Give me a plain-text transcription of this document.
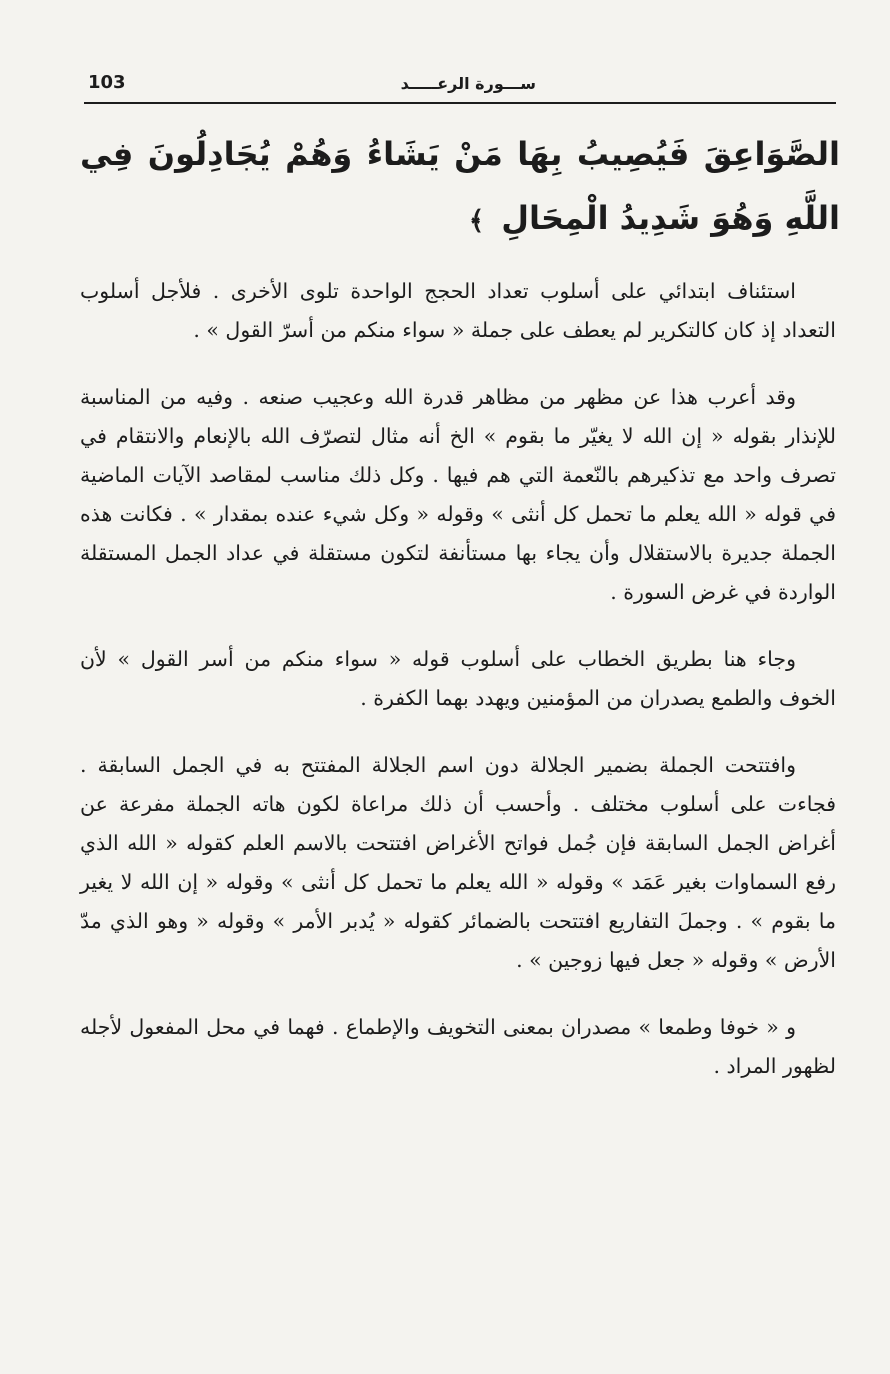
103	ســـورة الرعـــــد
الصَّوَاعِقَ فَيُصِيبُ بِهَا مَنْ يَشَاءُ وَهُمْ يُجَادِلُونَ فِي اللَّهِ وَهُوَ شَدِيدُ الْمِحَالِ ﴾

استئناف ابتدائي على أسلوب تعداد الحجج الواحدة تلوى الأخرى . فلأجل أسلوب التعداد إذ كان كالتكرير لم يعطف على جملة « سواء منكم من أسرّ القول » .

وقد أعرب هذا عن مظهر من مظاهر قدرة الله وعجيب صنعه . وفيه من المناسبة للإنذار بقوله « إن الله لا يغيّر ما بقوم » الخ أنه مثال لتصرّف الله بالإنعام والانتقام في تصرف واحد مع تذكيرهم بالنّعمة التي هم فيها . وكل ذلك مناسب لمقاصد الآيات الماضية في قوله « الله يعلم ما تحمل كل أنثى » وقوله « وكل شيء عنده بمقدار » . فكانت هذه الجملة جديرة بالاستقلال وأن يجاء بها مستأنفة لتكون مستقلة في عداد الجمل المستقلة الواردة في غرض السورة .

وجاء هنا بطريق الخطاب على أسلوب قوله « سواء منكم من أسر القول » لأن الخوف والطمع يصدران من المؤمنين ويهدد بهما الكفرة .

وافتتحت الجملة بضمير الجلالة دون اسم الجلالة المفتتح به في الجمل السابقة . فجاءت على أسلوب مختلف . وأحسب أن ذلك مراعاة لكون هاته الجملة مفرعة عن أغراض الجمل السابقة فإن جُمل فواتح الأغراض افتتحت بالاسم العلم كقوله « الله الذي رفع السماوات بغير عَمَد » وقوله « الله يعلم ما تحمل كل أنثى » وقوله « إن الله لا يغير ما بقوم » . وجملَ التفاريع افتتحت بالضمائر كقوله « يُدبر الأمر » وقوله « وهو الذي مدّ الأرض » وقوله « جعل فيها زوجين » .

و « خوفا وطمعا » مصدران بمعنى التخويف والإطماع . فهما في محل المفعول لأجله لظهور المراد .
